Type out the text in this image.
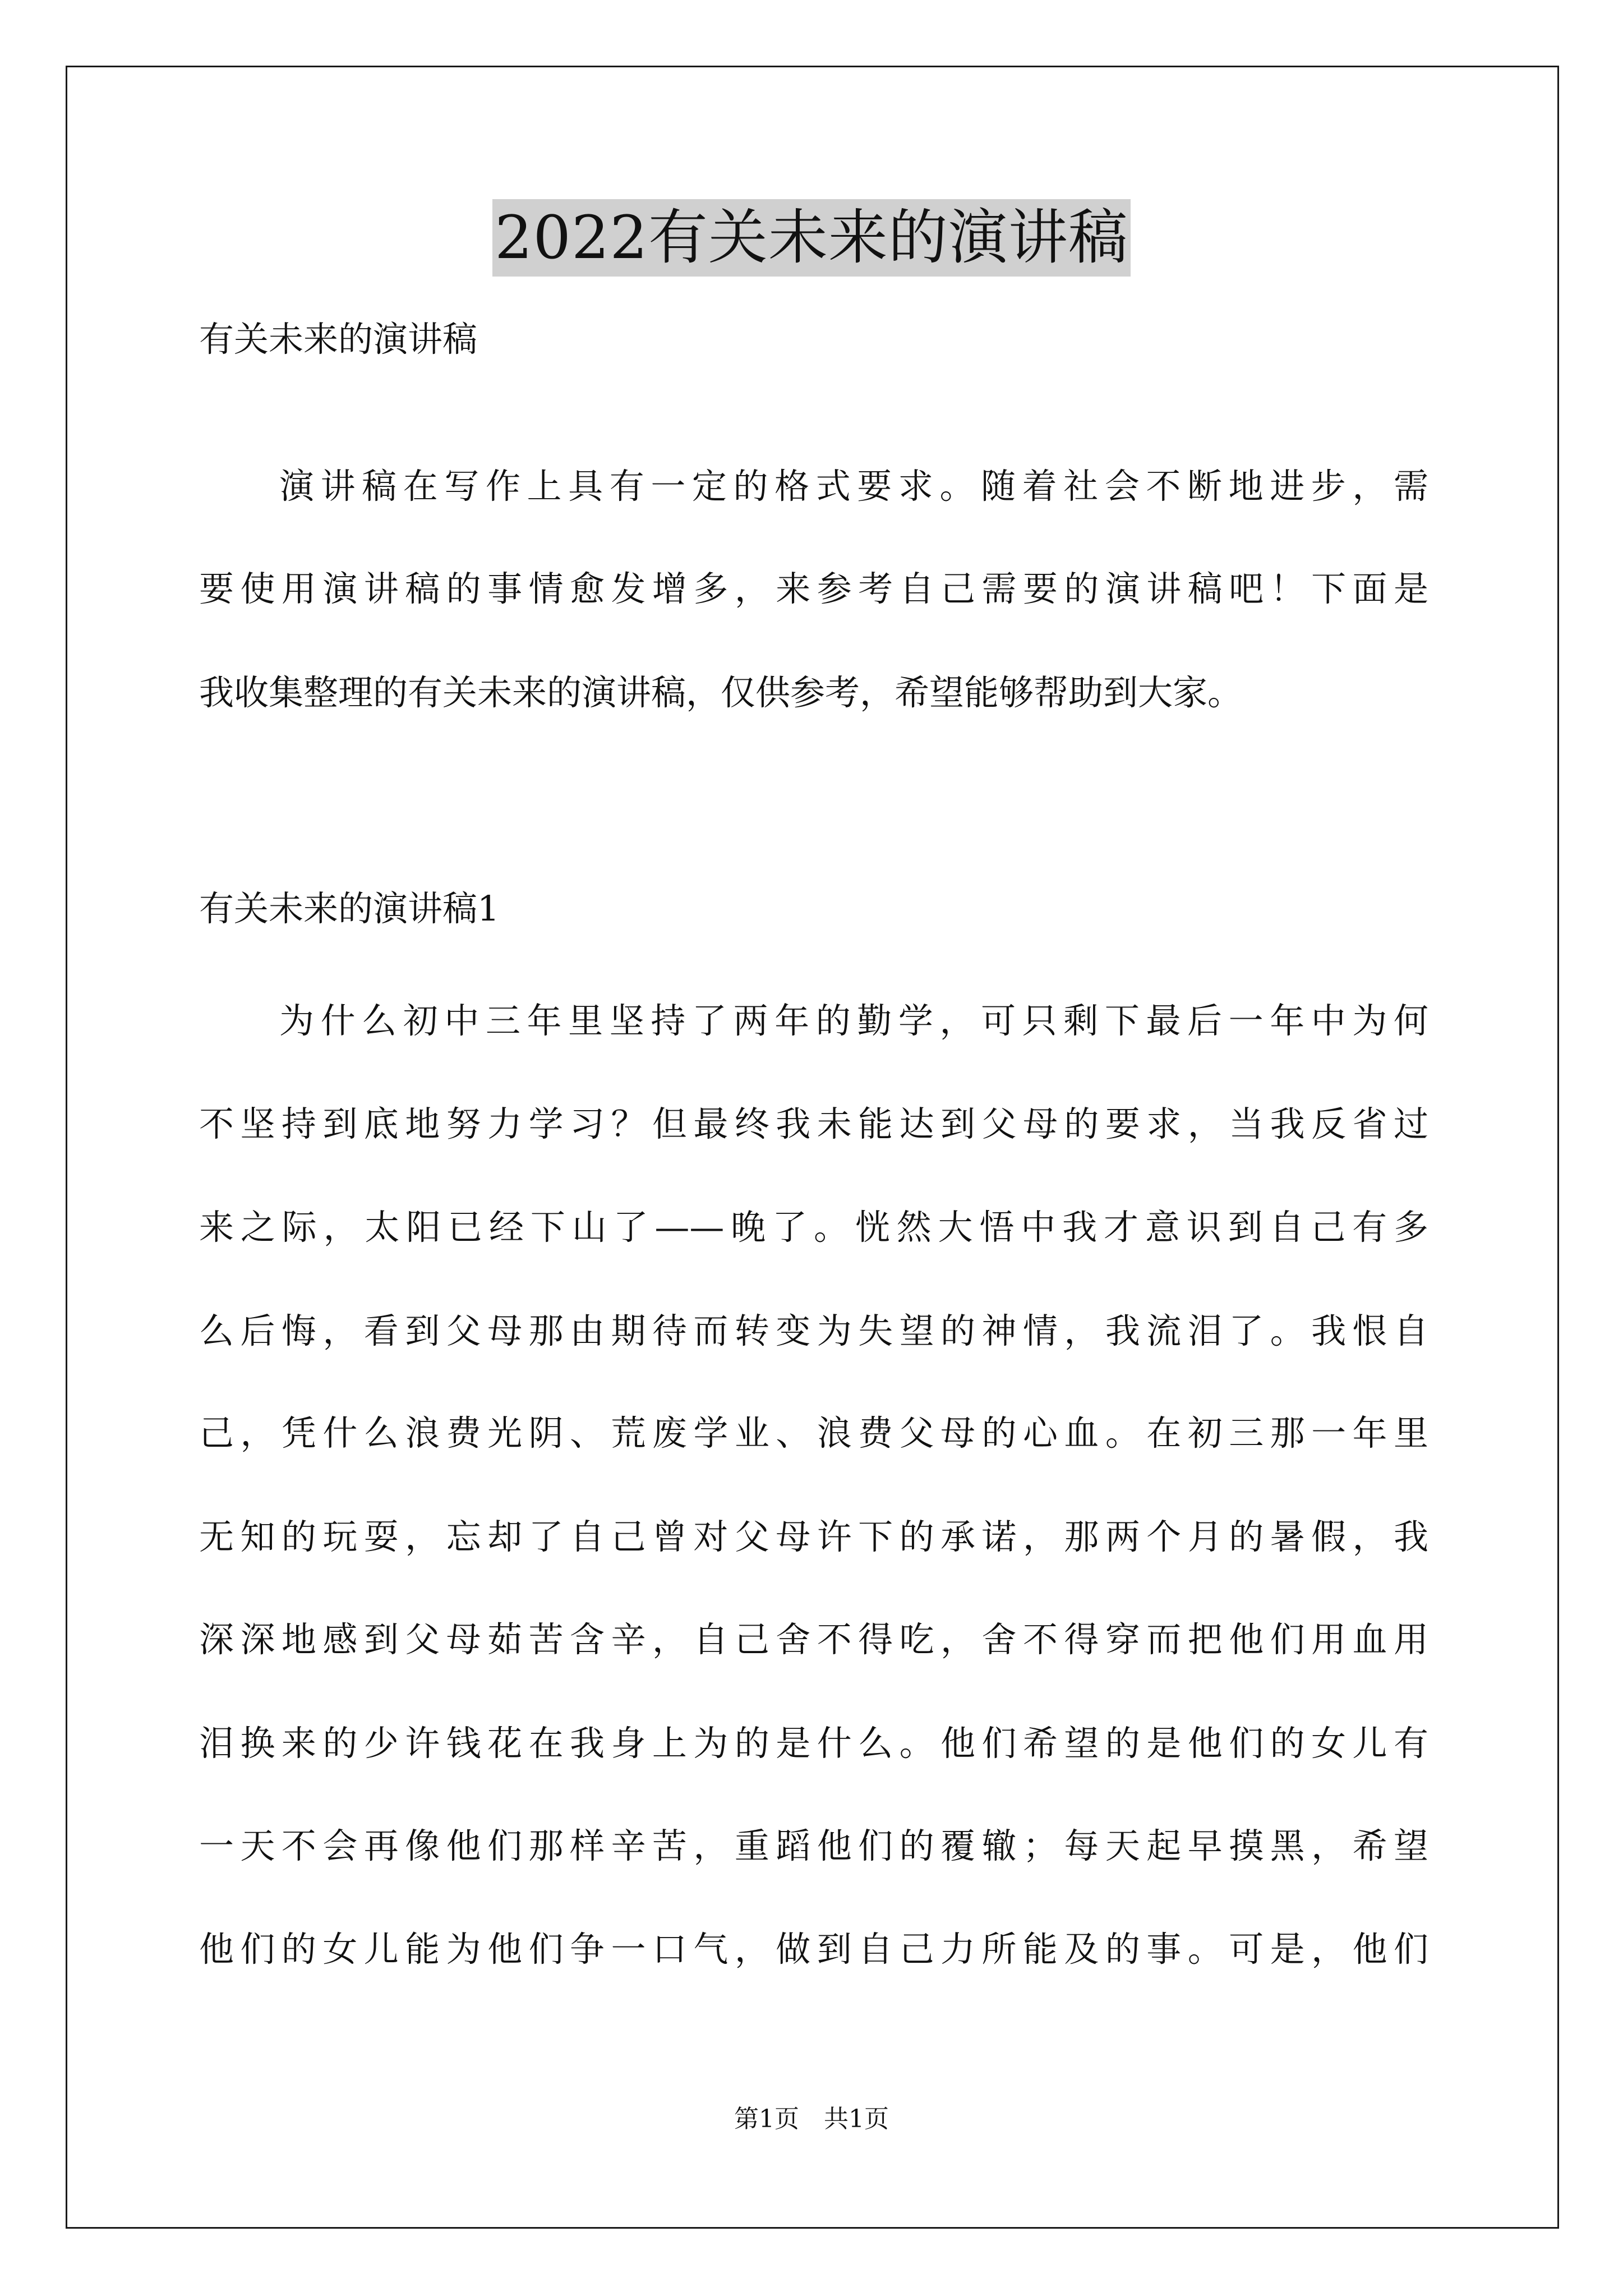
2022有关未来的演讲稿
有关未来的演讲稿
演讲稿在写作上具有一定的格式要求。随着社会不断地进步，需
要使用演讲稿的事情愈发增多，来参考自己需要的演讲稿吧！下面是
我收集整理的有关未来的演讲稿，仅供参考，希望能够帮助到大家。
有关未来的演讲稿1
为什么初中三年里坚持了两年的勤学，可只剩下最后一年中为何
不坚持到底地努力学习？但最终我未能达到父母的要求，当我反省过
来之际，太阳已经下山了——晚了。恍然大悟中我才意识到自己有多
么后悔，看到父母那由期待而转变为失望的神情，我流泪了。我恨自
己，凭什么浪费光阴、荒废学业、浪费父母的心血。在初三那一年里
无知的玩耍，忘却了自己曾对父母许下的承诺，那两个月的暑假，我
深深地感到父母茹苦含辛，自己舍不得吃，舍不得穿而把他们用血用
泪换来的少许钱花在我身上为的是什么。他们希望的是他们的女儿有
一天不会再像他们那样辛苦，重蹈他们的覆辙；每天起早摸黑，希望
他们的女儿能为他们争一口气，做到自己力所能及的事。可是，他们
第1页　共1页
